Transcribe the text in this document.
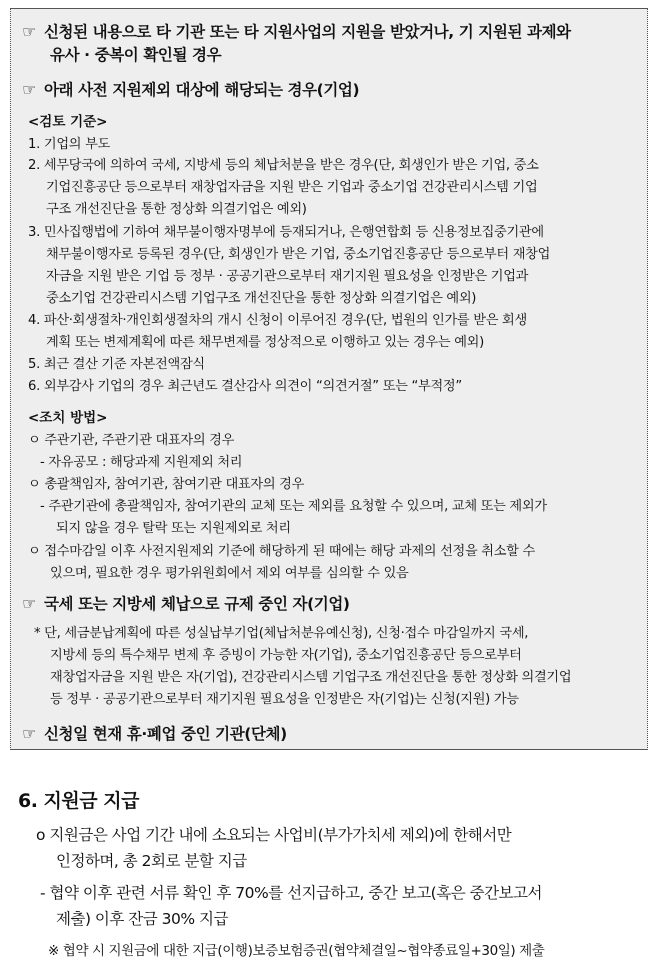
☞ 신청된 내용으로 타 기관 또는 타 지원사업의 지원을 받았거나, 기 지원된 과제와
유사 · 중복이 확인될 경우
☞ 아래 사전 지원제외 대상에 해당되는 경우(기업)
<검토 기준>
1. 기업의 부도
2. 세무당국에 의하여 국세, 지방세 등의 체납처분을 받은 경우(단, 회생인가 받은 기업, 중소
기업진흥공단 등으로부터 재창업자금을 지원 받은 기업과 중소기업 건강관리시스템 기업
구조 개선진단을 통한 정상화 의결기업은 예외)
3. 민사집행법에 기하여 채무불이행자명부에 등재되거나, 은행연합회 등 신용정보집중기관에
채무불이행자로 등록된 경우(단, 회생인가 받은 기업, 중소기업진흥공단 등으로부터 재창업
자금을 지원 받은 기업 등 정부 · 공공기관으로부터 재기지원 필요성을 인정받은 기업과
중소기업 건강관리시스템 기업구조 개선진단을 통한 정상화 의결기업은 예외)
4. 파산·회생절차·개인회생절차의 개시 신청이 이루어진 경우(단, 법원의 인가를 받은 회생
계획 또는 변제계획에 따른 채무변제를 정상적으로 이행하고 있는 경우는 예외)
5. 최근 결산 기준 자본전액잠식
6. 외부감사 기업의 경우 최근년도 결산감사 의견이 “의견거절” 또는 “부적정”
<조치 방법>
ㅇ 주관기관, 주관기관 대표자의 경우
- 자유공모 : 해당과제 지원제외 처리
ㅇ 총괄책임자, 참여기관, 참여기관 대표자의 경우
- 주관기관에 총괄책임자, 참여기관의 교체 또는 제외를 요청할 수 있으며, 교체 또는 제외가
되지 않을 경우 탈락 또는 지원제외로 처리
ㅇ 접수마감일 이후 사전지원제외 기준에 해당하게 된 때에는 해당 과제의 선정을 취소할 수
있으며, 필요한 경우 평가위원회에서 제외 여부를 심의할 수 있음
☞ 국세 또는 지방세 체납으로 규제 중인 자(기업)
* 단, 세금분납계획에 따른 성실납부기업(체납처분유예신청), 신청·접수 마감일까지 국세,
지방세 등의 특수채무 변제 후 증빙이 가능한 자(기업), 중소기업진흥공단 등으로부터
재창업자금을 지원 받은 자(기업), 건강관리시스템 기업구조 개선진단을 통한 정상화 의결기업
등 정부 · 공공기관으로부터 재기지원 필요성을 인정받은 자(기업)는 신청(지원) 가능
☞ 신청일 현재 휴·폐업 중인 기관(단체)
6. 지원금 지급
o 지원금은 사업 기간 내에 소요되는 사업비(부가가치세 제외)에 한해서만
인정하며, 총 2회로 분할 지급
- 협약 이후 관련 서류 확인 후 70%를 선지급하고, 중간 보고(혹은 중간보고서
제출) 이후 잔금 30% 지급
※ 협약 시 지원금에 대한 지급(이행)보증보험증권(협약체결일~협약종료일+30일) 제출
